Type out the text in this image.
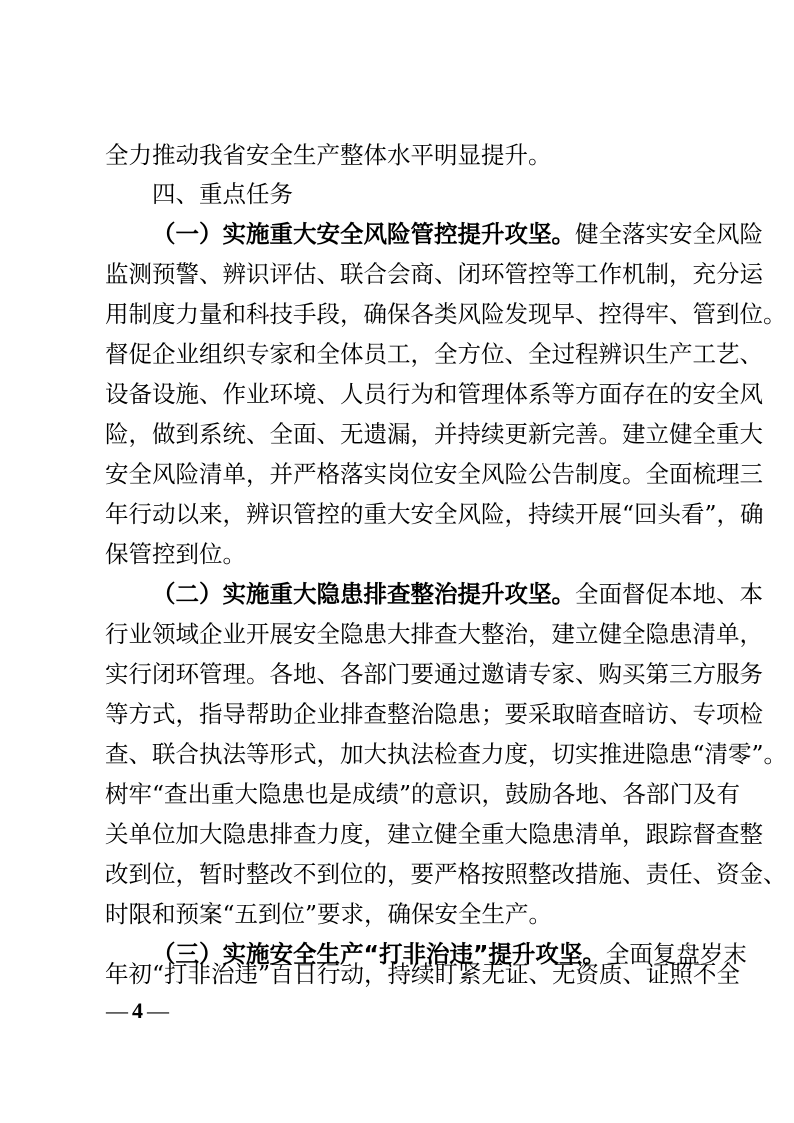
全力推动我省安全生产整体水平明显提升。
四、重点任务
（一）实施重大安全风险管控提升攻坚。健全落实安全风险
监测预警、辨识评估、联合会商、闭环管控等工作机制，充分运
用制度力量和科技手段，确保各类风险发现早、控得牢、管到位。
督促企业组织专家和全体员工，全方位、全过程辨识生产工艺、
设备设施、作业环境、人员行为和管理体系等方面存在的安全风
险，做到系统、全面、无遗漏，并持续更新完善。建立健全重大
安全风险清单，并严格落实岗位安全风险公告制度。全面梳理三
年行动以来，辨识管控的重大安全风险，持续开展“回头看”，确
保管控到位。
（二）实施重大隐患排查整治提升攻坚。全面督促本地、本
行业领域企业开展安全隐患大排查大整治，建立健全隐患清单，
实行闭环管理。各地、各部门要通过邀请专家、购买第三方服务
等方式，指导帮助企业排查整治隐患；要采取暗查暗访、专项检
查、联合执法等形式，加大执法检查力度，切实推进隐患“清零”。
树牢“查出重大隐患也是成绩”的意识，鼓励各地、各部门及有
关单位加大隐患排查力度，建立健全重大隐患清单，跟踪督查整
改到位，暂时整改不到位的，要严格按照整改措施、责任、资金、
时限和预案“五到位”要求，确保安全生产。
（三）实施安全生产“打非治违”提升攻坚。全面复盘岁末
年初“打非治违”百日行动，持续盯紧无证、无资质、证照不全
— 4 —
